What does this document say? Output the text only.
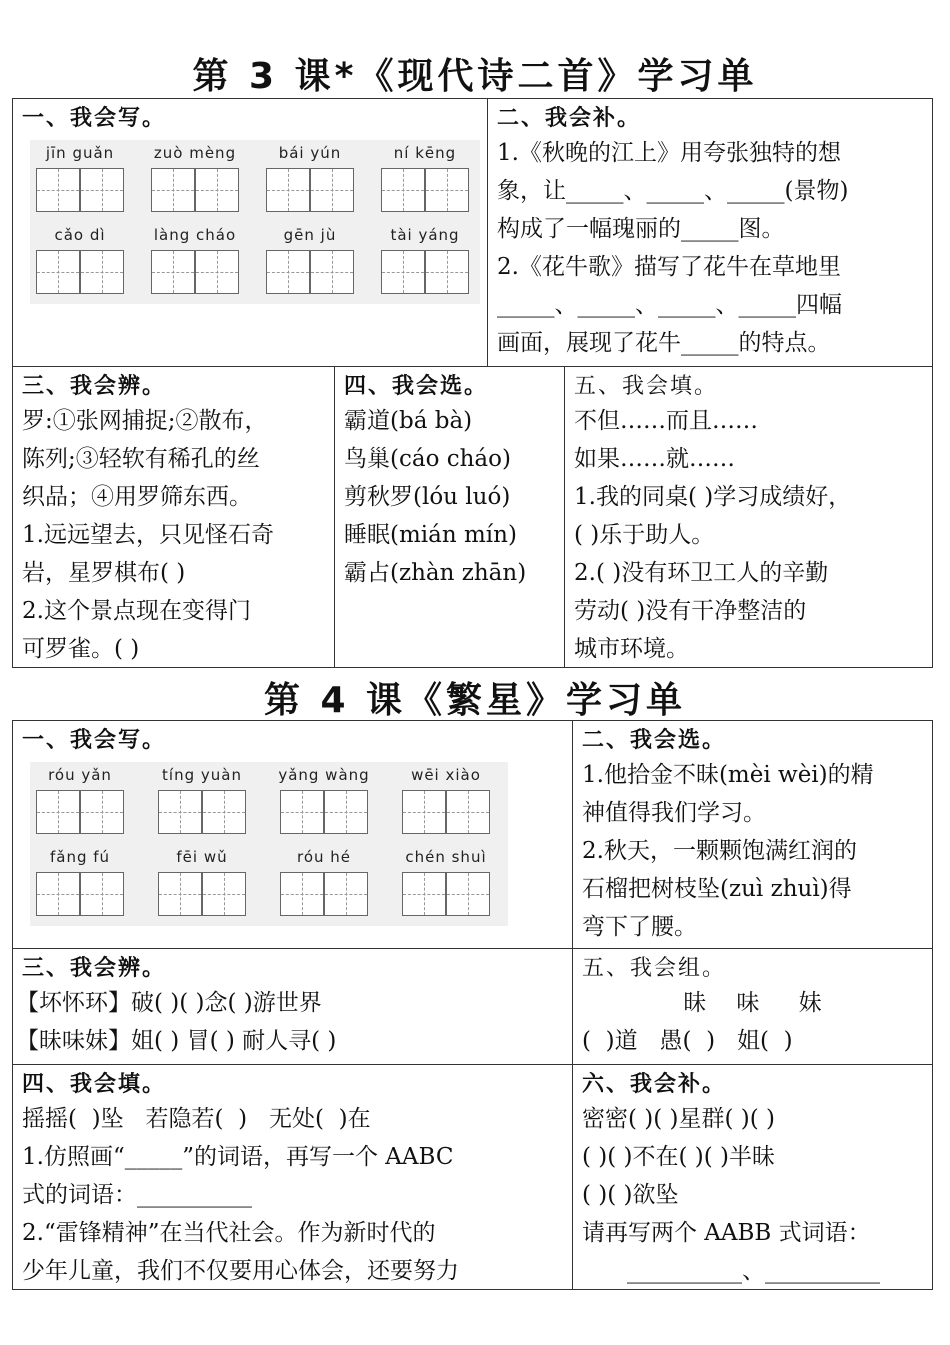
第 3 课*《现代诗二首》学习单
一、我会写。
jīn guǎn	zuò mèng	bái yún	ní kēng
cǎo dì	làng cháo	gēn jù	tài yáng
二、我会补。
1.《秋晚的江上》用夸张独特的想
象，让_____、_____、_____(景物)
构成了一幅瑰丽的_____图。
2.《花牛歌》描写了花牛在草地里
_____、_____、_____、_____四幅
画面，展现了花牛_____的特点。
三、我会辨。
罗:①张网捕捉;②散布，
陈列;③轻软有稀孔的丝
织品；④用罗筛东西。
1.远远望去，只见怪石奇
岩，星罗棋布( )
2.这个景点现在变得门
可罗雀。( )
四、我会选。
霸道(bá bà)
鸟巢(cáo cháo)
剪秋罗(lóu luó)
睡眠(mián mín)
霸占(zhàn zhān)
五、我会填。
不但……而且……
如果……就……
1.我的同桌( )学习成绩好，
( )乐于助人。
2.( )没有环卫工人的辛勤
劳动( )没有干净整洁的
城市环境。
第 4 课《繁星》学习单
一、我会写。
róu yǎn	tíng yuàn	yǎng wàng	wēi xiào
fǎng fú	fēi wǔ	róu hé	chén shuì
二、我会选。
1.他拾金不昧(mèi wèi)的精
神值得我们学习。
2.秋天，一颗颗饱满红润的
石榴把树枝坠(zuì zhuì)得
弯下了腰。
三、我会辨。
【坏怀环】破( )( )念( )游世界
【昧味妹】姐( ) 冒( ) 耐人寻( )
五、我会组。
昧   味    妹
(  )道   愚(  )   姐(  )
四、我会填。
摇摇(  )坠   若隐若(  )   无处(  )在
1.仿照画“_____”的词语，再写一个 AABC
式的词语：__________
2.“雷锋精神”在当代社会。作为新时代的
少年儿童，我们不仅要用心体会，还要努力
六、我会补。
密密( )( )星群( )( )
( )( )不在( )( )半昧
( )( )欲坠
请再写两个 AABB 式词语：
__________、__________
